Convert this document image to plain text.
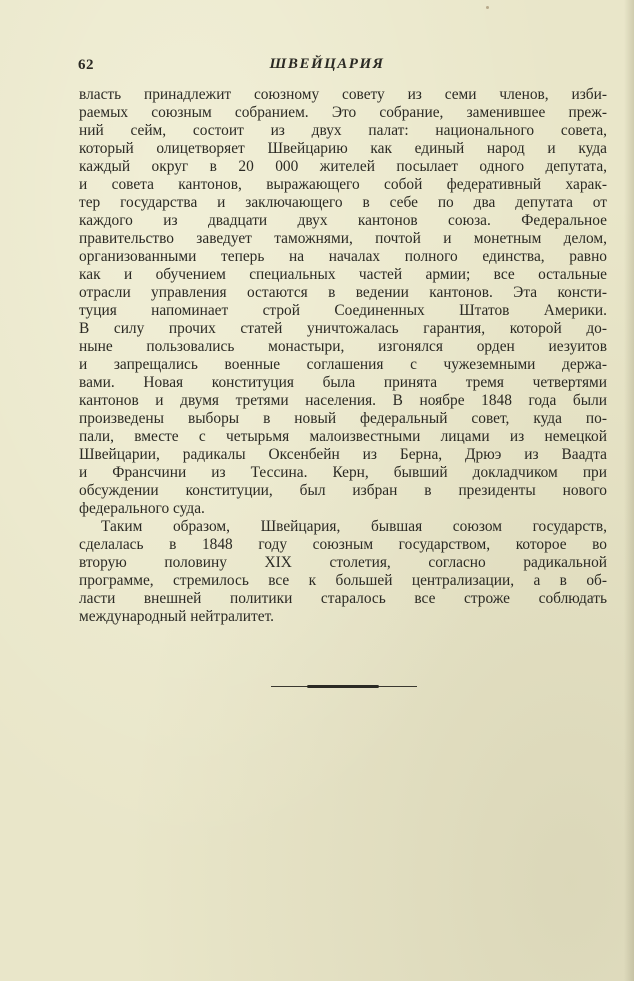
62	ШВЕЙЦАРИЯ
власть принадлежит союзному совету из семи членов, изби-
раемых союзным собранием. Это собрание, заменившее преж-
ний сейм, состоит из двух палат: национального совета,
который олицетворяет Швейцарию как единый народ и куда
каждый округ в 20 000 жителей посылает одного депутата,
и совета кантонов, выражающего собой федеративный харак-
тер государства и заключающего в себе по два депутата от
каждого из двадцати двух кантонов союза. Федеральное
правительство заведует таможнями, почтой и монетным делом,
организованными теперь на началах полного единства, равно
как и обучением специальных частей армии; все остальные
отрасли управления остаются в ведении кантонов. Эта консти-
туция напоминает строй Соединенных Штатов Америки.
В силу прочих статей уничтожалась гарантия, которой до-
ныне пользовались монастыри, изгонялся орден иезуитов
и запрещались военные соглашения с чужеземными держа-
вами. Новая конституция была принята тремя четвертями
кантонов и двумя третями населения. В ноябре 1848 года были
произведены выборы в новый федеральный совет, куда по-
пали, вместе с четырьмя малоизвестными лицами из немецкой
Швейцарии, радикалы Оксенбейн из Берна, Дрюэ из Ваадта
и Франсчини из Тессина. Керн, бывший докладчиком при
обсуждении конституции, был избран в президенты нового
федерального суда.
Таким образом, Швейцария, бывшая союзом государств,
сделалась в 1848 году союзным государством, которое во
вторую половину XIX столетия, согласно радикальной
программе, стремилось все к большей централизации, а в об-
ласти внешней политики старалось все строже соблюдать
международный нейтралитет.
